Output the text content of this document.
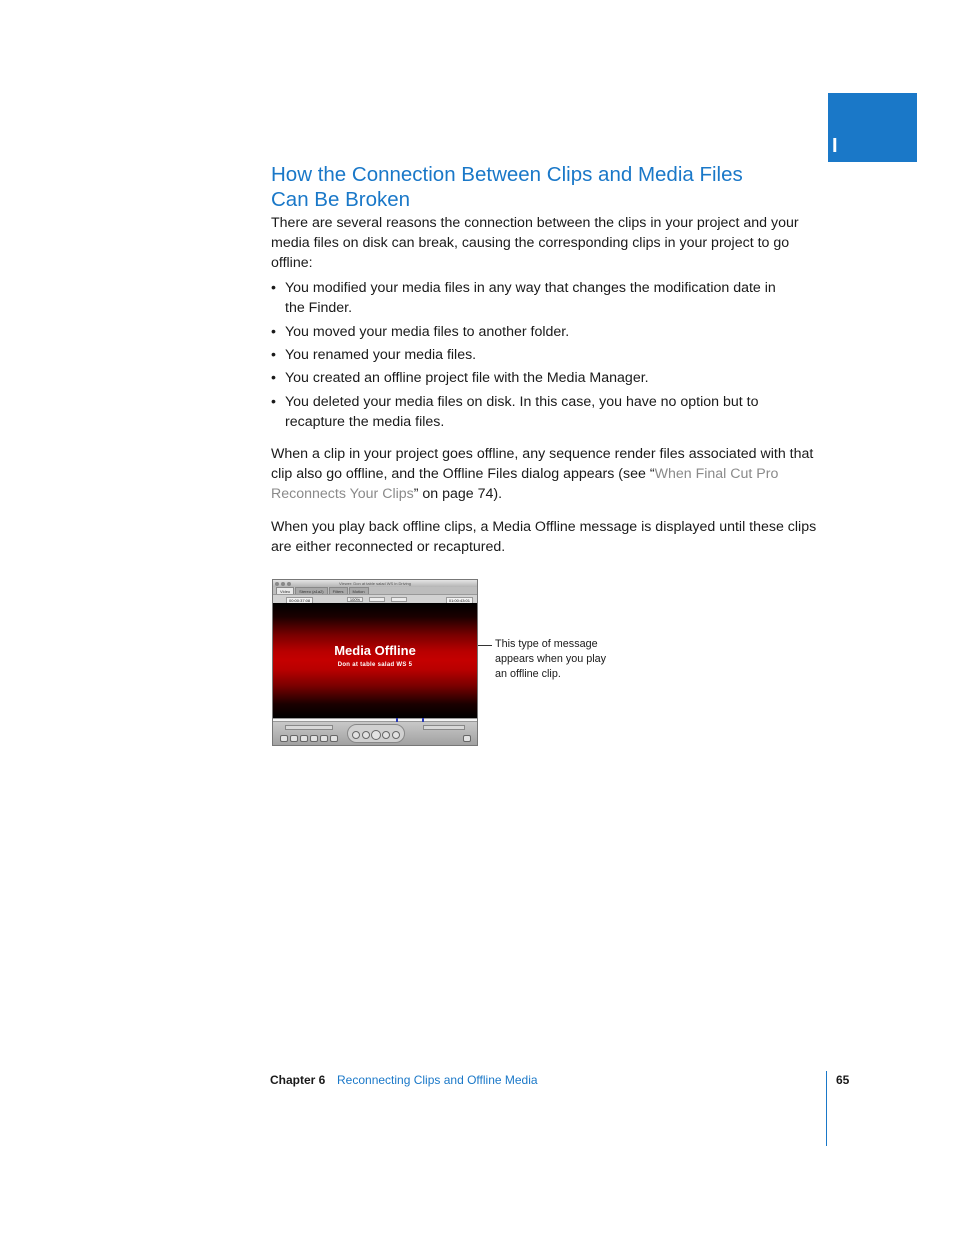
I
How the Connection Between Clips and Media Files
Can Be Broken
There are several reasons the connection between the clips in your project and your
media files on disk can break, causing the corresponding clips in your project to go
offline:
• You modified your media files in any way that changes the modification date in
the Finder.
• You moved your media files to another folder.
• You renamed your media files.
• You created an offline project file with the Media Manager.
• You deleted your media files on disk. In this case, you have no option but to
recapture the media files.
When a clip in your project goes offline, any sequence render files associated with that
clip also go offline, and the Offline Files dialog appears (see “When Final Cut Pro
Reconnects Your Clips” on page 74).
When you play back offline clips, a Media Offline message is displayed until these clips
are either reconnected or recaptured.
Viewer: Don at table salad WS in Driving
Video	Stereo (a1a2)	Filters	Motion
00:00:37:08	100%	01:00:43:01
Media Offline
Don at table salad WS 5
This type of message
appears when you play
an offline clip.
Chapter 6 Reconnecting Clips and Offline Media	65
